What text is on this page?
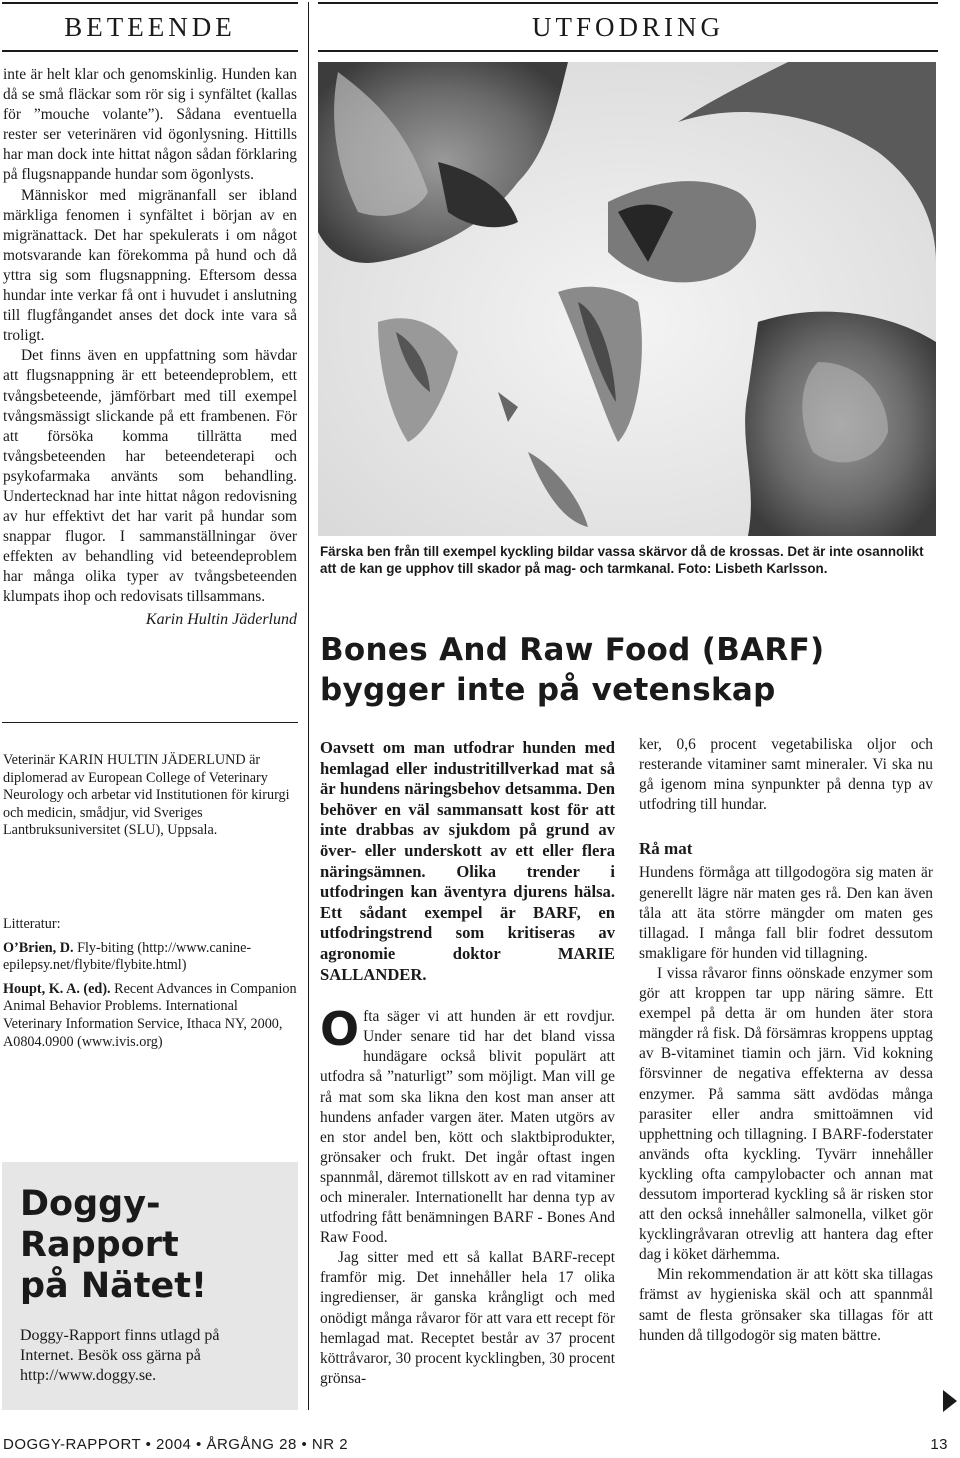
BETEENDE	UTFODRING

inte är helt klar och genomskinlig. Hunden kan då se små fläckar som rör sig i synfältet (kallas för ”mouche volante”). Sådana eventuella rester ser veterinären vid ögonlysning. Hittills har man dock inte hittat någon sådan förklaring på flugsnappande hundar som ögonlysts.

Människor med migränanfall ser ibland märkliga fenomen i synfältet i början av en migränattack. Det har spekulerats i om något motsvarande kan förekomma på hund och då yttra sig som flugsnappning. Eftersom dessa hundar inte verkar få ont i huvudet i anslutning till flugfångandet anses det dock inte vara så troligt.

Det finns även en uppfattning som hävdar att flugsnappning är ett beteendeproblem, ett tvångsbeteende, jämförbart med till exempel tvångsmässigt slickande på ett frambenen. För att försöka komma tillrätta med tvångsbeteenden har beteendeterapi och psykofarmaka använts som behandling. Undertecknad har inte hittat någon redovisning av hur effektivt det har varit på hundar som snappar flugor. I sammanställningar över effekten av behandling vid beteendeproblem har många olika typer av tvångsbeteenden klumpats ihop och redovisats tillsammans.

Karin Hultin Jäderlund
Veterinär KARIN HULTIN JÄDERLUND är diplomerad av European College of Veterinary Neurology och arbetar vid Institutionen för kirurgi och medicin, smådjur, vid Sveriges Lantbruksuniversitet (SLU), Uppsala.
Litteratur:
O’Brien, D. Fly-biting (http://www.canine-epilepsy.net/flybite/flybite.html)
Houpt, K. A. (ed). Recent Advances in Companion Animal Behavior Problems. International Veterinary Information Service, Ithaca NY, 2000, A0804.0900 (www.ivis.org)
Doggy-
Rapport
på Nätet!
Doggy-Rapport finns utlagd på Internet. Besök oss gärna på http://www.doggy.se.
Färska ben från till exempel kyckling bildar vassa skärvor då de krossas. Det är inte osannolikt att de kan ge upphov till skador på mag- och tarmkanal. Foto: Lisbeth Karlsson.
Bones And Raw Food (BARF)
bygger inte på vetenskap
Oavsett om man utfodrar hunden med hemlagad eller industritillverkad mat så är hundens näringsbehov detsamma. Den behöver en väl sammansatt kost för att inte drabbas av sjukdom på grund av över- eller underskott av ett eller flera näringsämnen. Olika trender i utfodringen kan äventyra djurens hälsa. Ett sådant exempel är BARF, en utfodringstrend som kritiseras av agronomie doktor MARIE SALLANDER.

Ofta säger vi att hunden är ett rovdjur. Under senare tid har det bland vissa hundägare också blivit populärt att utfodra så ”naturligt” som möjligt. Man vill ge rå mat som ska likna den kost man anser att hundens anfader vargen äter. Maten utgörs av en stor andel ben, kött och slaktbiprodukter, grönsaker och frukt. Det ingår oftast ingen spannmål, däremot tillskott av en rad vitaminer och mineraler. Internationellt har denna typ av utfodring fått benämningen BARF - Bones And Raw Food.

Jag sitter med ett så kallat BARF-recept framför mig. Det innehåller hela 17 olika ingredienser, är ganska krångligt och med onödigt många råvaror för att vara ett recept för hemlagad mat. Receptet består av 37 procent köttråvaror, 30 procent kycklingben, 30 procent grönsa-

ker, 0,6 procent vegetabiliska oljor och resterande vitaminer samt mineraler. Vi ska nu gå igenom mina synpunkter på denna typ av utfodring till hundar.

Rå mat

Hundens förmåga att tillgodogöra sig maten är generellt lägre när maten ges rå. Den kan även tåla att äta större mängder om maten ges tillagad. I många fall blir fodret dessutom smakligare för hunden vid tillagning.

I vissa råvaror finns oönskade enzymer som gör att kroppen tar upp näring sämre. Ett exempel på detta är om hunden äter stora mängder rå fisk. Då försämras kroppens upptag av B-vitaminet tiamin och järn. Vid kokning försvinner de negativa effekterna av dessa enzymer. På samma sätt avdödas många parasiter eller andra smittoämnen vid upphettning och tillagning. I BARF-foderstater används ofta kyckling. Tyvärr innehåller kyckling ofta campylobacter och annan mat dessutom importerad kyckling så är risken stor att den också innehåller salmonella, vilket gör kycklingråvaran otrevlig att hantera dag efter dag i köket därhemma.

Min rekommendation är att kött ska tillagas främst av hygieniska skäl och att spannmål samt de flesta grönsaker ska tillagas för att hunden då tillgodogör sig maten bättre.

DOGGY-RAPPORT • 2004 • ÅRGÅNG 28 • NR 2	13
